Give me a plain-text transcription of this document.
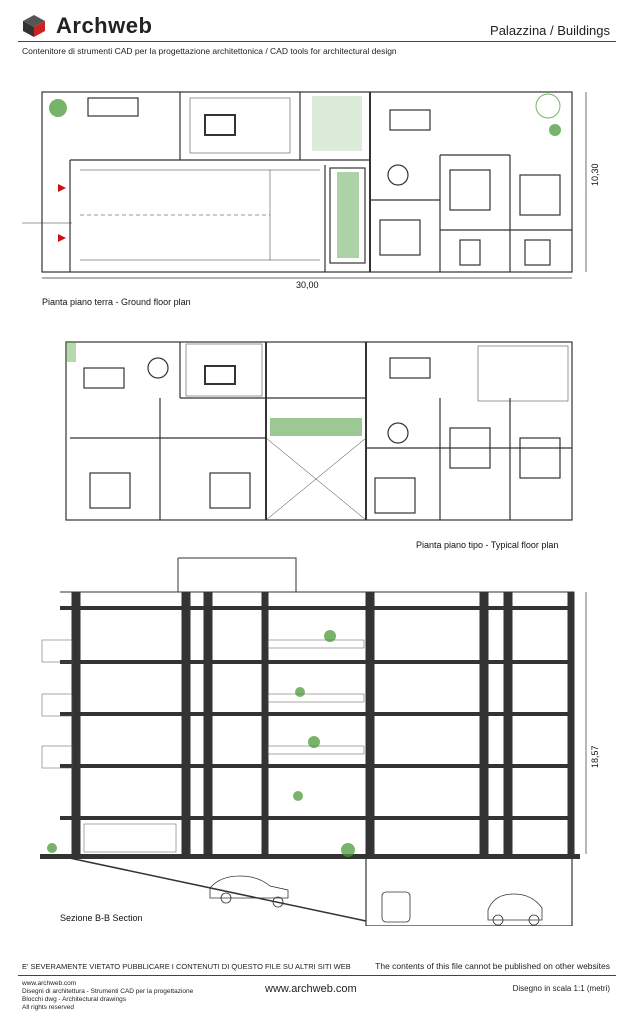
Archweb	Palazzina / Buildings
Contenitore di strumenti CAD per la progettazione architettonica / CAD tools for architectural design
30,00
10,30
Pianta piano terra - Ground floor plan
Pianta piano tipo - Typical floor plan
18,57
Sezione B-B Section
E' SEVERAMENTE VIETATO PUBBLICARE I CONTENUTI DI QUESTO FILE SU ALTRI SITI WEB	The contents of this file cannot be published on other websites
www.archweb.com
Disegni di architettura - Strumenti CAD per la progettazione
Blocchi dwg - Architectural drawings
All rights reserved
www.archweb.com	Disegno in scala 1:1 (metri)
